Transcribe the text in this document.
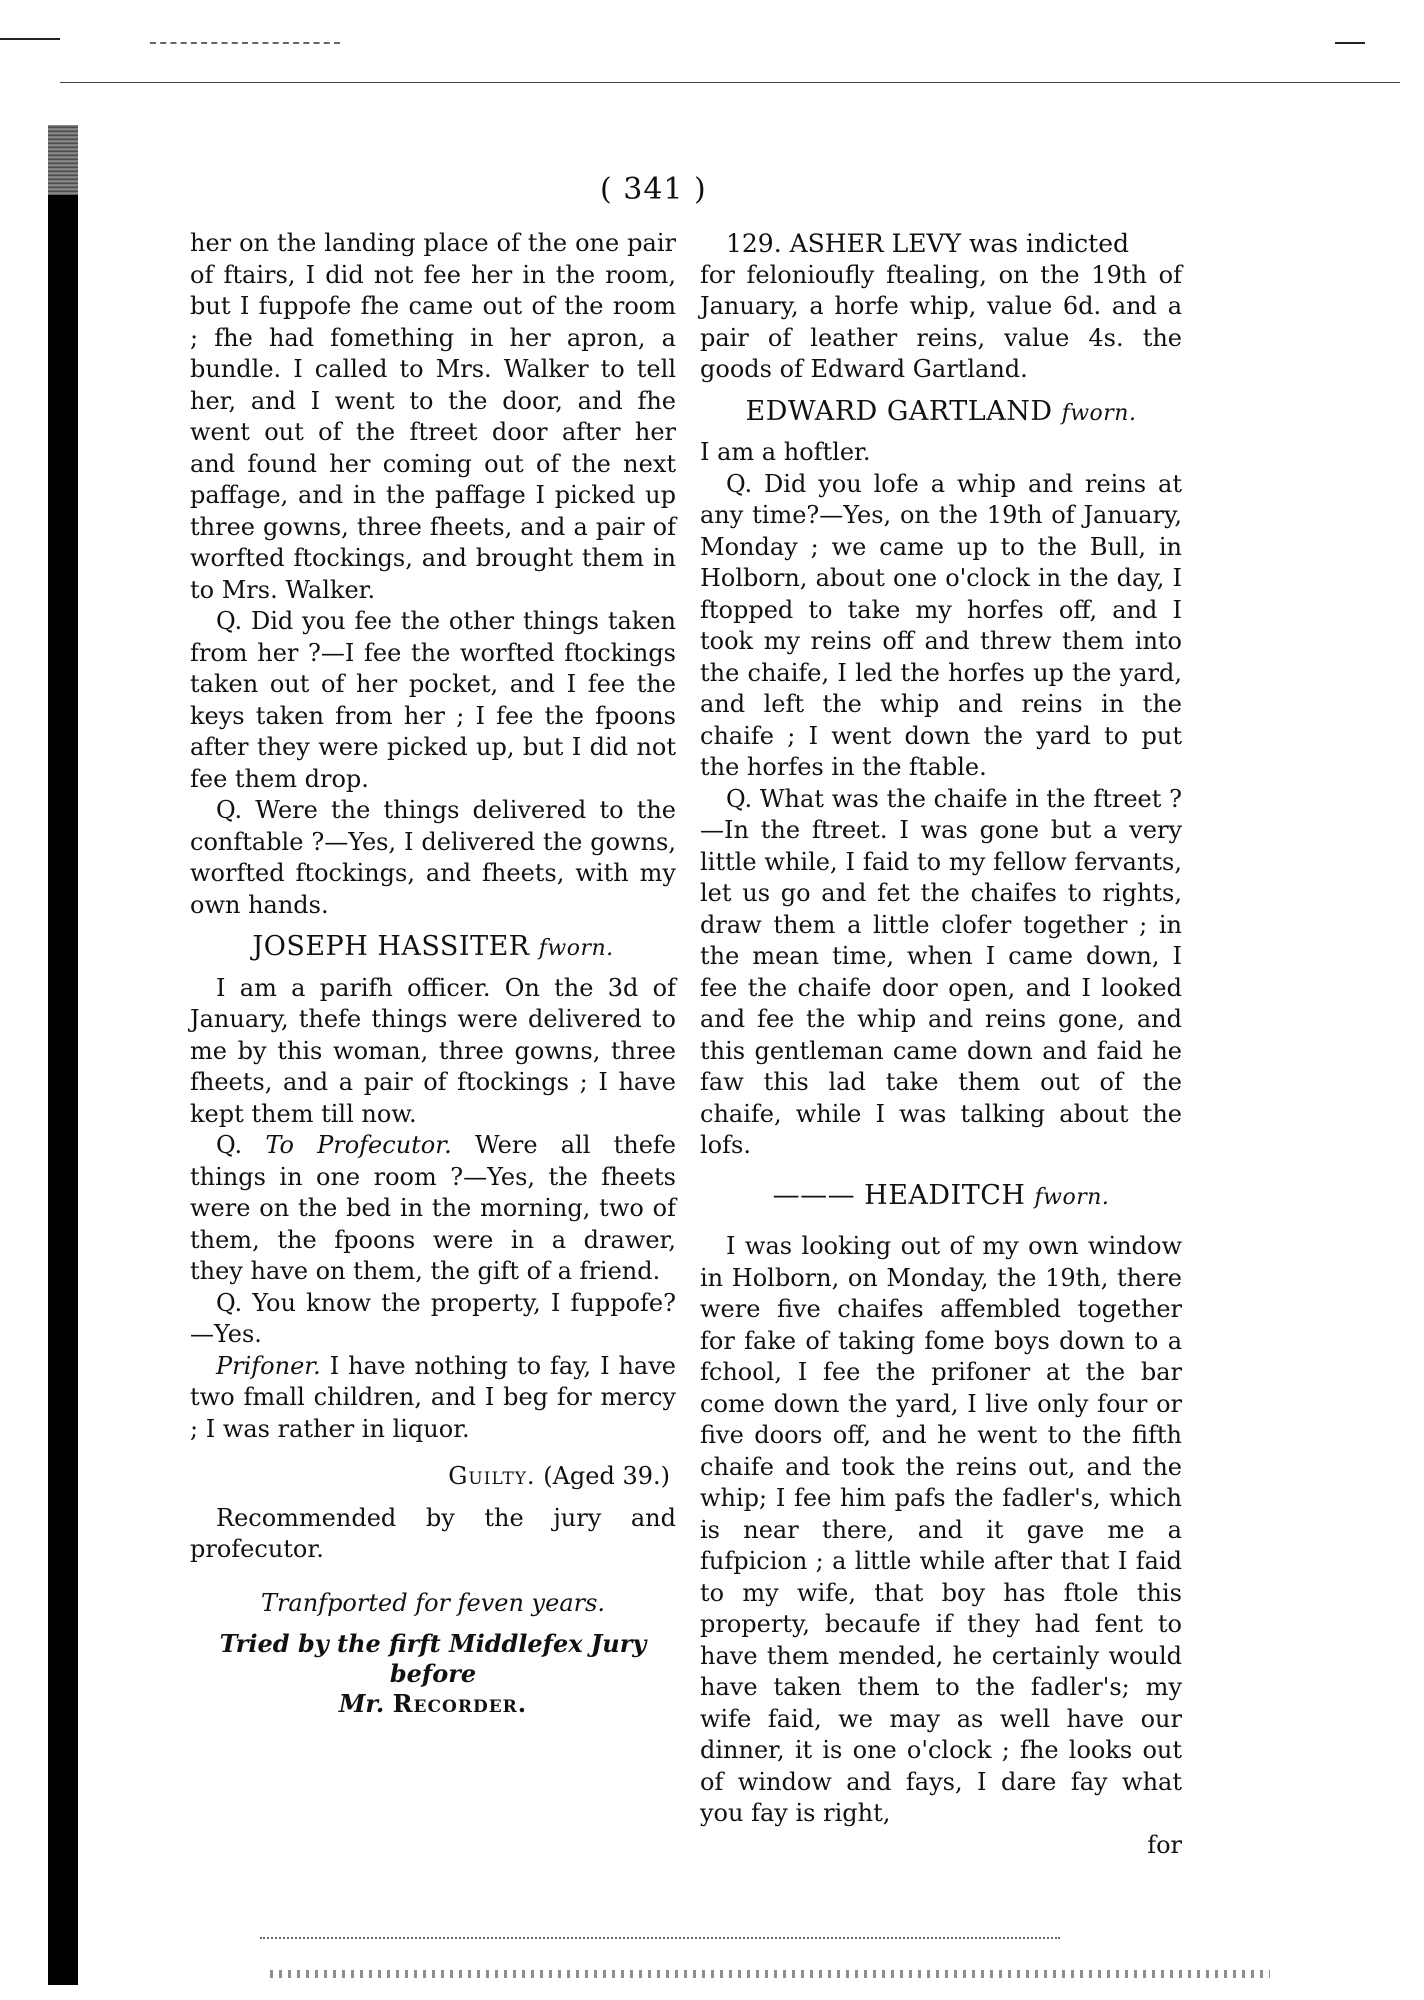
( 341 )

her on the landing place of the one pair of ftairs, I did not fee her in the room, but I fuppofe fhe came out of the room ; fhe had fomething in her apron, a bundle. I called to Mrs. Walker to tell her, and I went to the door, and fhe went out of the ftreet door after her and found her coming out of the next paffage, and in the paffage I picked up three gowns, three fheets, and a pair of worfted ftockings, and brought them in to Mrs. Walker.

Q. Did you fee the other things taken from her ?—I fee the worfted ftockings taken out of her pocket, and I fee the keys taken from her ; I fee the fpoons after they were picked up, but I did not fee them drop.

Q. Were the things delivered to the conftable ?—Yes, I delivered the gowns, worfted ftockings, and fheets, with my own hands.

JOSEPH HASSITER fworn.

I am a parifh officer. On the 3d of January, thefe things were delivered to me by this woman, three gowns, three fheets, and a pair of ftockings ; I have kept them till now.

Q. To Profecutor. Were all thefe things in one room ?—Yes, the fheets were on the bed in the morning, two of them, the fpoons were in a drawer, they have on them, the gift of a friend.

Q. You know the property, I fuppofe? —Yes.

Prifoner. I have nothing to fay, I have two fmall children, and I beg for mercy ; I was rather in liquor.

Guilty. (Aged 39.)

Recommended by the jury and profecutor.

Tranfported for feven years.
Tried by the firft Middlefex Jury before
Mr. Recorder.

129. ASHER LEVY was indicted

for felonioufly ftealing, on the 19th of January, a horfe whip, value 6d. and a pair of leather reins, value 4s. the goods of Edward Gartland.

EDWARD GARTLAND fworn.

I am a hoftler.

Q. Did you lofe a whip and reins at any time?—Yes, on the 19th of January, Monday ; we came up to the Bull, in Holborn, about one o'clock in the day, I ftopped to take my horfes off, and I took my reins off and threw them into the chaife, I led the horfes up the yard, and left the whip and reins in the chaife ; I went down the yard to put the horfes in the ftable.

Q. What was the chaife in the ftreet ? —In the ftreet. I was gone but a very little while, I faid to my fellow fervants, let us go and fet the chaifes to rights, draw them a little clofer together ; in the mean time, when I came down, I fee the chaife door open, and I looked and fee the whip and reins gone, and this gentleman came down and faid he faw this lad take them out of the chaife, while I was talking about the lofs.

——— HEADITCH fworn.

I was looking out of my own window in Holborn, on Monday, the 19th, there were five chaifes affembled together for fake of taking fome boys down to a fchool, I fee the prifoner at the bar come down the yard, I live only four or five doors off, and he went to the fifth chaife and took the reins out, and the whip; I fee him pafs the fadler's, which is near there, and it gave me a fufpicion ; a little while after that I faid to my wife, that boy has ftole this property, becaufe if they had fent to have them mended, he certainly would have taken them to the fadler's; my wife faid, we may as well have our dinner, it is one o'clock ; fhe looks out of window and fays, I dare fay what you fay is right,

for
